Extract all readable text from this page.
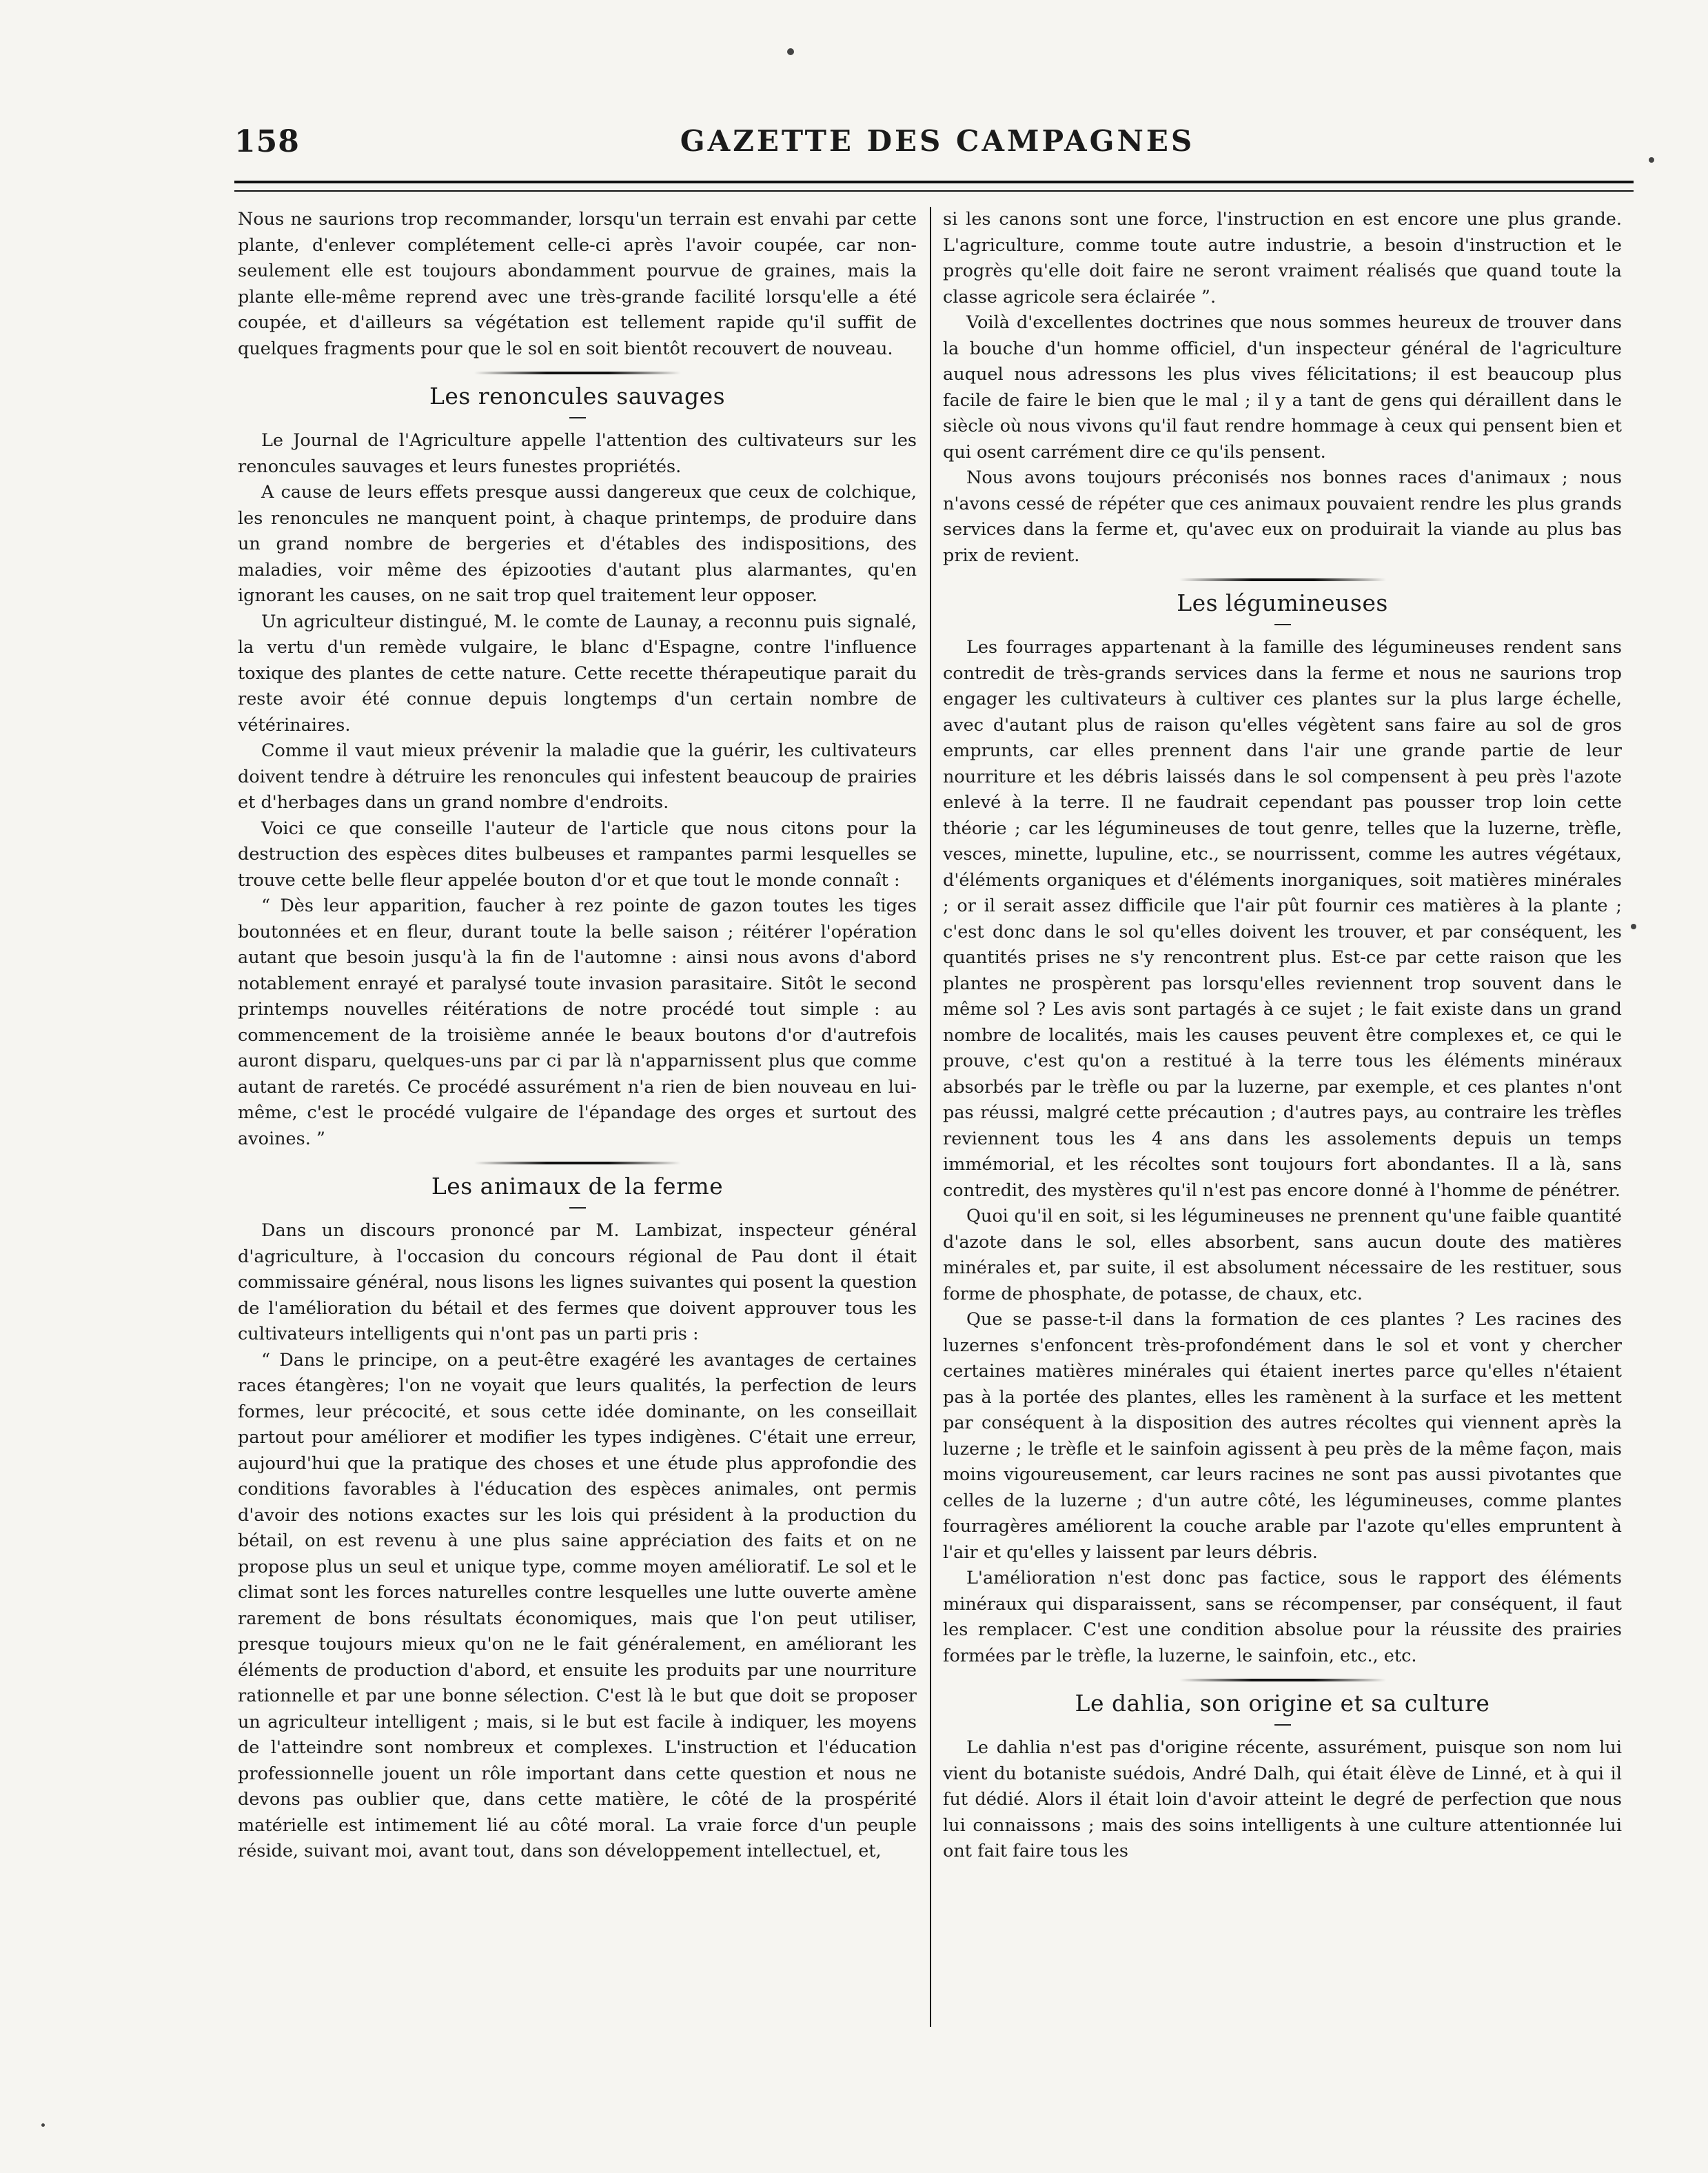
158	GAZETTE DES CAMPAGNES

Nous ne saurions trop recommander, lorsqu'un terrain est envahi par cette plante, d'enlever complétement celle-ci après l'avoir coupée, car non-seulement elle est toujours abondamment pourvue de graines, mais la plante elle-même reprend avec une très-grande facilité lorsqu'elle a été coupée, et d'ailleurs sa végétation est tellement rapide qu'il suffit de quelques fragments pour que le sol en soit bientôt recouvert de nouveau.

Les renoncules sauvages

Le Journal de l'Agriculture appelle l'attention des cultivateurs sur les renoncules sauvages et leurs funestes propriétés.

A cause de leurs effets presque aussi dangereux que ceux de colchique, les renoncules ne manquent point, à chaque printemps, de produire dans un grand nombre de bergeries et d'étables des indispositions, des maladies, voir même des épizooties d'autant plus alarmantes, qu'en ignorant les causes, on ne sait trop quel traitement leur opposer.

Un agriculteur distingué, M. le comte de Launay, a reconnu puis signalé, la vertu d'un remède vulgaire, le blanc d'Espagne, contre l'influence toxique des plantes de cette nature. Cette recette thérapeutique parait du reste avoir été connue depuis longtemps d'un certain nombre de vétérinaires.

Comme il vaut mieux prévenir la maladie que la guérir, les cultivateurs doivent tendre à détruire les renoncules qui infestent beaucoup de prairies et d'herbages dans un grand nombre d'endroits.

Voici ce que conseille l'auteur de l'article que nous citons pour la destruction des espèces dites bulbeuses et rampantes parmi lesquelles se trouve cette belle fleur appelée bouton d'or et que tout le monde connaît :

“ Dès leur apparition, faucher à rez pointe de gazon toutes les tiges boutonnées et en fleur, durant toute la belle saison ; réitérer l'opération autant que besoin jusqu'à la fin de l'automne : ainsi nous avons d'abord notablement enrayé et paralysé toute invasion parasitaire. Sitôt le second printemps nouvelles réitérations de notre procédé tout simple : au commencement de la troisième année le beaux boutons d'or d'autrefois auront disparu, quelques-uns par ci par là n'apparnissent plus que comme autant de raretés. Ce procédé assurément n'a rien de bien nouveau en lui-même, c'est le procédé vulgaire de l'épandage des orges et surtout des avoines. ”

Les animaux de la ferme

Dans un discours prononcé par M. Lambizat, inspecteur général d'agriculture, à l'occasion du concours régional de Pau dont il était commissaire général, nous lisons les lignes suivantes qui posent la question de l'amélioration du bétail et des fermes que doivent approuver tous les cultivateurs intelligents qui n'ont pas un parti pris :

“ Dans le principe, on a peut-être exagéré les avantages de certaines races étangères; l'on ne voyait que leurs qualités, la perfection de leurs formes, leur précocité, et sous cette idée dominante, on les conseillait partout pour améliorer et modifier les types indigènes. C'était une erreur, aujourd'hui que la pratique des choses et une étude plus approfondie des conditions favorables à l'éducation des espèces animales, ont permis d'avoir des notions exactes sur les lois qui président à la production du bétail, on est revenu à une plus saine appréciation des faits et on ne propose plus un seul et unique type, comme moyen amélioratif. Le sol et le climat sont les forces naturelles contre lesquelles une lutte ouverte amène rarement de bons résultats économiques, mais que l'on peut utiliser, presque toujours mieux qu'on ne le fait généralement, en améliorant les éléments de production d'abord, et ensuite les produits par une nourriture rationnelle et par une bonne sélection. C'est là le but que doit se proposer un agriculteur intelligent ; mais, si le but est facile à indiquer, les moyens de l'atteindre sont nombreux et complexes. L'instruction et l'éducation professionnelle jouent un rôle important dans cette question et nous ne devons pas oublier que, dans cette matière, le côté de la prospérité matérielle est intimement lié au côté moral. La vraie force d'un peuple réside, suivant moi, avant tout, dans son développement intellectuel, et,

si les canons sont une force, l'instruction en est encore une plus grande. L'agriculture, comme toute autre industrie, a besoin d'instruction et le progrès qu'elle doit faire ne seront vraiment réalisés que quand toute la classe agricole sera éclairée ”.

Voilà d'excellentes doctrines que nous sommes heureux de trouver dans la bouche d'un homme officiel, d'un inspecteur général de l'agriculture auquel nous adressons les plus vives félicitations; il est beaucoup plus facile de faire le bien que le mal ; il y a tant de gens qui déraillent dans le siècle où nous vivons qu'il faut rendre hommage à ceux qui pensent bien et qui osent carrément dire ce qu'ils pensent.

Nous avons toujours préconisés nos bonnes races d'animaux ; nous n'avons cessé de répéter que ces animaux pouvaient rendre les plus grands services dans la ferme et, qu'avec eux on produirait la viande au plus bas prix de revient.

Les légumineuses

Les fourrages appartenant à la famille des légumineuses rendent sans contredit de très-grands services dans la ferme et nous ne saurions trop engager les cultivateurs à cultiver ces plantes sur la plus large échelle, avec d'autant plus de raison qu'elles végètent sans faire au sol de gros emprunts, car elles prennent dans l'air une grande partie de leur nourriture et les débris laissés dans le sol compensent à peu près l'azote enlevé à la terre. Il ne faudrait cependant pas pousser trop loin cette théorie ; car les légumineuses de tout genre, telles que la luzerne, trèfle, vesces, minette, lupuline, etc., se nourrissent, comme les autres végétaux, d'éléments organiques et d'éléments inorganiques, soit matières minérales ; or il serait assez difficile que l'air pût fournir ces matières à la plante ; c'est donc dans le sol qu'elles doivent les trouver, et par conséquent, les quantités prises ne s'y rencontrent plus. Est-ce par cette raison que les plantes ne prospèrent pas lorsqu'elles reviennent trop souvent dans le même sol ? Les avis sont partagés à ce sujet ; le fait existe dans un grand nombre de localités, mais les causes peuvent être complexes et, ce qui le prouve, c'est qu'on a restitué à la terre tous les éléments minéraux absorbés par le trèfle ou par la luzerne, par exemple, et ces plantes n'ont pas réussi, malgré cette précaution ; d'autres pays, au contraire les trèfles reviennent tous les 4 ans dans les assolements depuis un temps immémorial, et les récoltes sont toujours fort abondantes. Il a là, sans contredit, des mystères qu'il n'est pas encore donné à l'homme de pénétrer.

Quoi qu'il en soit, si les légumineuses ne prennent qu'une faible quantité d'azote dans le sol, elles absorbent, sans aucun doute des matières minérales et, par suite, il est absolument nécessaire de les restituer, sous forme de phosphate, de potasse, de chaux, etc.

Que se passe-t-il dans la formation de ces plantes ? Les racines des luzernes s'enfoncent très-profondément dans le sol et vont y chercher certaines matières minérales qui étaient inertes parce qu'elles n'étaient pas à la portée des plantes, elles les ramènent à la surface et les mettent par conséquent à la disposition des autres récoltes qui viennent après la luzerne ; le trèfle et le sainfoin agissent à peu près de la même façon, mais moins vigoureusement, car leurs racines ne sont pas aussi pivotantes que celles de la luzerne ; d'un autre côté, les légumineuses, comme plantes fourragères améliorent la couche arable par l'azote qu'elles empruntent à l'air et qu'elles y laissent par leurs débris.

L'amélioration n'est donc pas factice, sous le rapport des éléments minéraux qui disparaissent, sans se récompenser, par conséquent, il faut les remplacer. C'est une condition absolue pour la réussite des prairies formées par le trèfle, la luzerne, le sainfoin, etc., etc.

Le dahlia, son origine et sa culture

Le dahlia n'est pas d'origine récente, assurément, puisque son nom lui vient du botaniste suédois, André Dalh, qui était élève de Linné, et à qui il fut dédié. Alors il était loin d'avoir atteint le degré de perfection que nous lui connaissons ; mais des soins intelligents à une culture attentionnée lui ont fait faire tous les
